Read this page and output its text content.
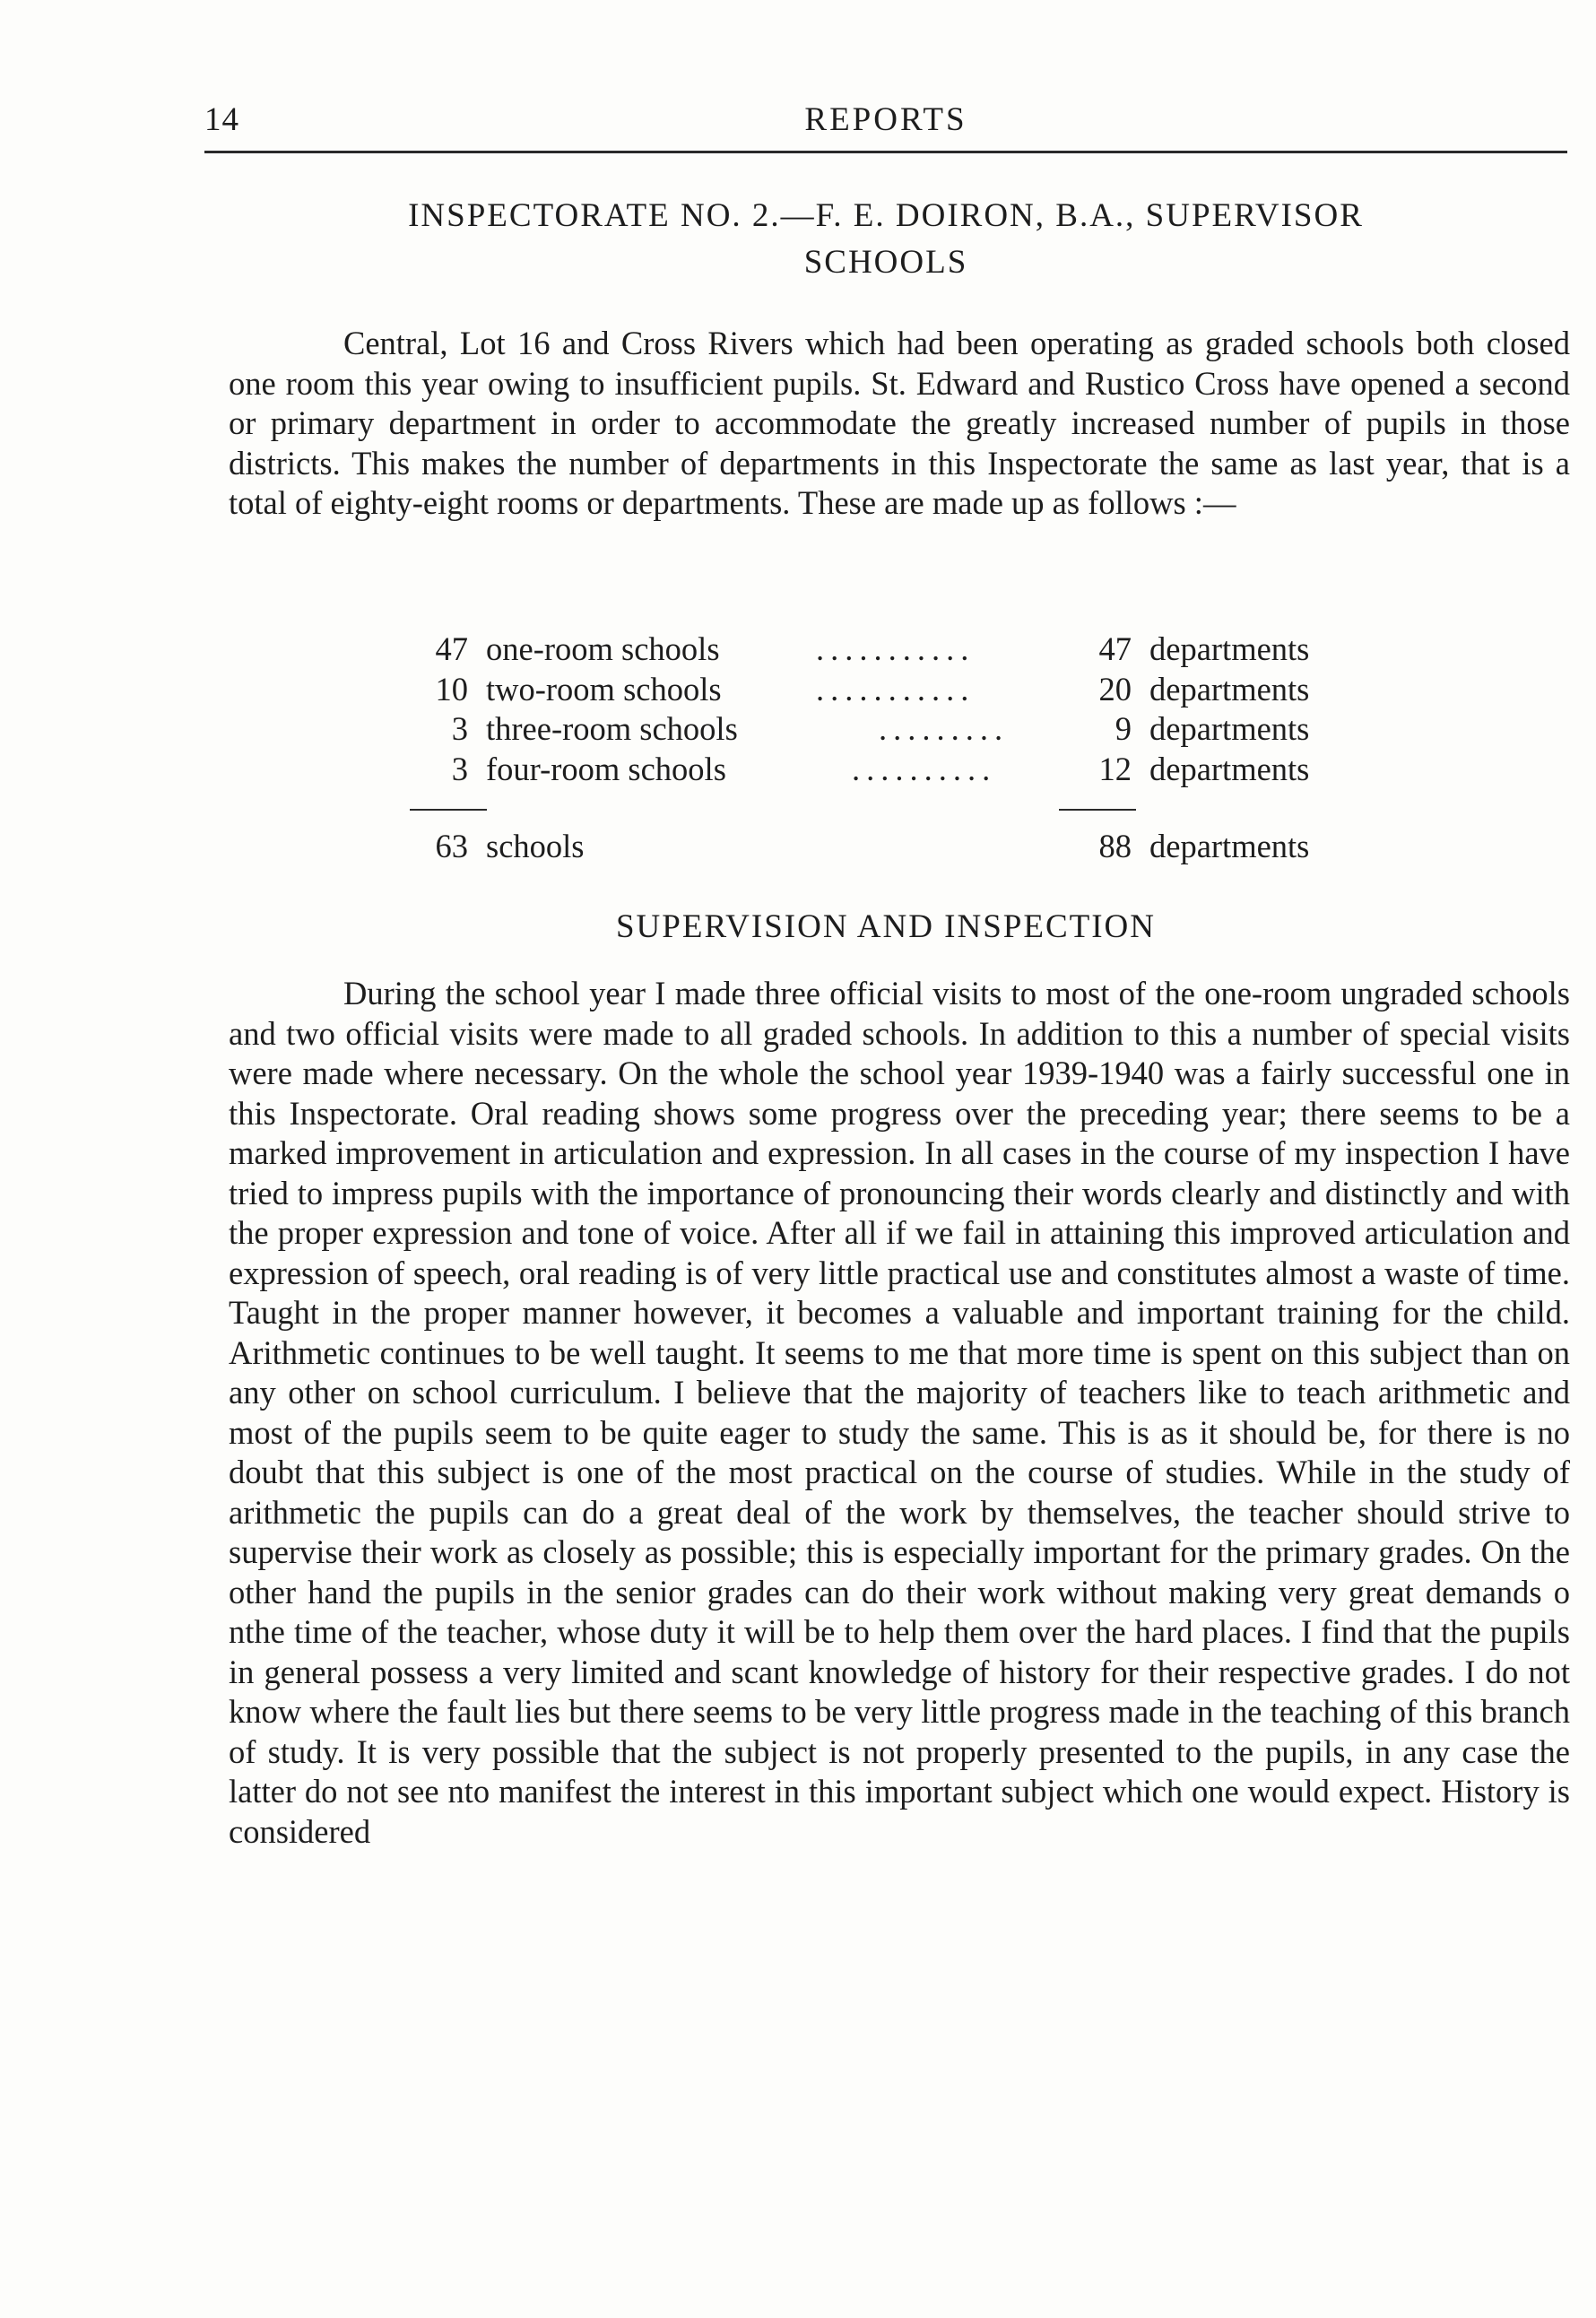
14	REPORTS
INSPECTORATE NO. 2.—F. E. DOIRON, B.A., SUPERVISOR
SCHOOLS

Central, Lot 16 and Cross Rivers which had been operating as graded schools both closed one room this year owing to insufficient pupils. St. Edward and Rustico Cross have opened a second or primary department in order to accommodate the greatly increased number of pupils in those districts. This makes the number of departments in this Inspectorate the same as last year, that is a total of eighty-eight rooms or departments. These are made up as follows :—

47 one-room schools	...........	47 departments
10 two-room schools	...........	20 departments
3 three-room schools	.........	9 departments
3 four-room schools	..........	12 departments
63 schools	88 departments
SUPERVISION AND INSPECTION

During the school year I made three official visits to most of the one-room ungraded schools and two official visits were made to all graded schools. In addition to this a number of special visits were made where necessary. On the whole the school year 1939-1940 was a fairly successful one in this Inspectorate. Oral reading shows some progress over the preceding year; there seems to be a marked improvement in articulation and expression. In all cases in the course of my inspection I have tried to impress pupils with the importance of pronouncing their words clearly and distinctly and with the proper expression and tone of voice. After all if we fail in attaining this improved articulation and expression of speech, oral reading is of very little practical use and constitutes almost a waste of time. Taught in the proper manner however, it becomes a valuable and important training for the child. Arithmetic continues to be well taught. It seems to me that more time is spent on this subject than on any other on school curriculum. I believe that the majority of teachers like to teach arithmetic and most of the pupils seem to be quite eager to study the same. This is as it should be, for there is no doubt that this subject is one of the most practical on the course of studies. While in the study of arithmetic the pupils can do a great deal of the work by themselves, the teacher should strive to supervise their work as closely as possible; this is especially important for the primary grades. On the other hand the pupils in the senior grades can do their work without making very great demands o nthe time of the teacher, whose duty it will be to help them over the hard places. I find that the pupils in general possess a very limited and scant knowledge of history for their respective grades. I do not know where the fault lies but there seems to be very little progress made in the teaching of this branch of study. It is very possible that the subject is not properly presented to the pupils, in any case the latter do not see nto manifest the interest in this important subject which one would expect. History is considered
